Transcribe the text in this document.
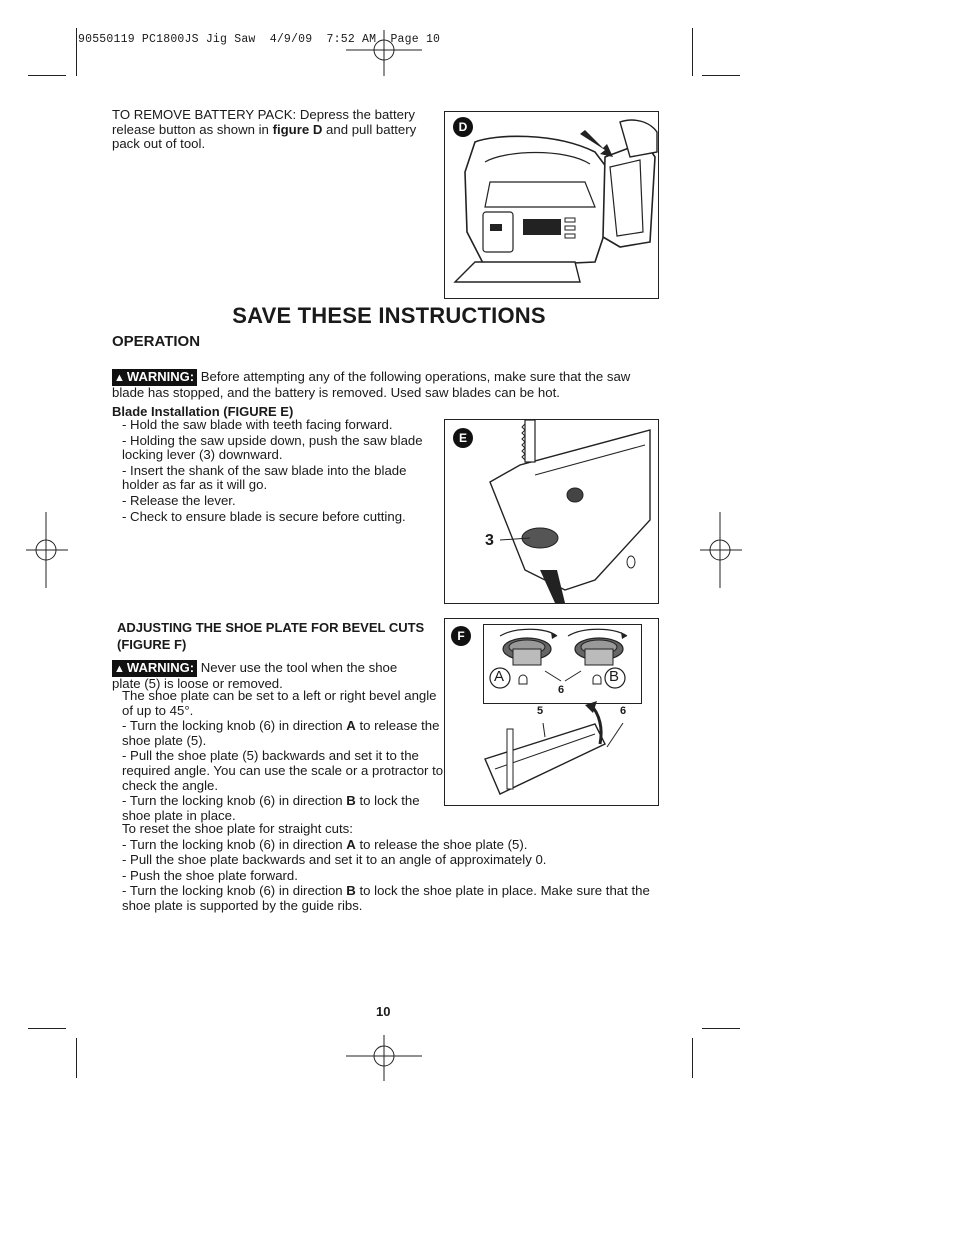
90550119 PC1800JS Jig Saw  4/9/09  7:52 AM  Page 10
TO REMOVE BATTERY PACK: Depress the battery release button as shown in figure D and pull battery pack out of tool.
D
SAVE THESE INSTRUCTIONS
OPERATION
▲ WARNING: Before attempting any of the following operations, make sure that the saw blade has stopped, and the battery is removed. Used saw blades can be hot.
Blade Installation (FIGURE E)

- Hold the saw blade with teeth facing forward.

- Holding the saw upside down, push the saw blade locking lever (3) downward.

- Insert the shank of the saw blade into the blade holder as far as it will go.

- Release the lever.

- Check to ensure blade is secure before cutting.

E
3
ADJUSTING THE SHOE PLATE FOR BEVEL CUTS (FIGURE F)
▲ WARNING: Never use the tool when the shoe plate (5) is loose or removed.

The shoe plate can be set to a left or right bevel angle of up to 45°.

- Turn the locking knob (6) in direction A to release the shoe plate (5).

- Pull the shoe plate (5) backwards and set it to the required angle. You can use the scale or a protractor to check the angle.

- Turn the locking knob (6) in direction B to lock the shoe plate in place.

To reset the shoe plate for straight cuts:

- Turn the locking knob (6) in direction A to release the shoe plate (5).

- Pull the shoe plate backwards and set it to an angle of approximately 0.

- Push the shoe plate forward.

- Turn the locking knob (6) in direction B to lock the shoe plate in place. Make sure that the shoe plate is supported by the guide ribs.

F
A	B
6
5	6
10
